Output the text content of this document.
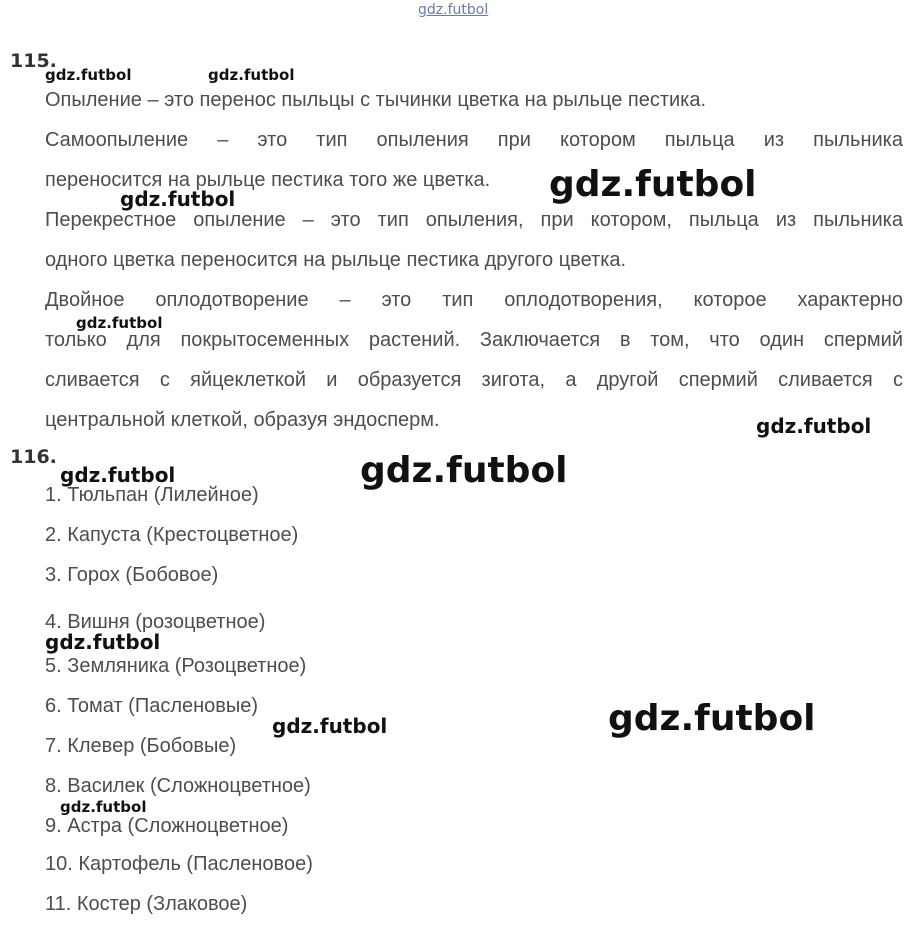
gdz.futbol
115.
Опыление – это перенос пыльцы с тычинки цветка на рыльце пестика.
Самоопыление – это тип опыления при котором пыльца из пыльника
переносится на рыльце пестика того же цветка.
Перекрестное опыление – это тип опыления, при котором, пыльца из пыльника
одного цветка переносится на рыльце пестика другого цветка.
Двойное оплодотворение – это тип оплодотворения, которое характерно
только для покрытосеменных растений. Заключается в том, что один спермий
сливается с яйцеклеткой и образуется зигота, а другой спермий сливается с
центральной клеткой, образуя эндосперм.
116.
1. Тюльпан (Лилейное)
2. Капуста (Крестоцветное)
3. Горох (Бобовое)
4. Вишня (розоцветное)
5. Земляника (Розоцветное)
6. Томат (Пасленовые)
7. Клевер (Бобовые)
8. Василек (Сложноцветное)
9. Астра (Сложноцветное)
10. Картофель (Пасленовое)
11. Костер (Злаковое)
gdz.futbol	gdz.futbol
gdz.futbol	gdz.futbol
gdz.futbol
gdz.futbol
gdz.futbol	gdz.futbol
gdz.futbol
gdz.futbol
gdz.futbol
gdz.futbol
